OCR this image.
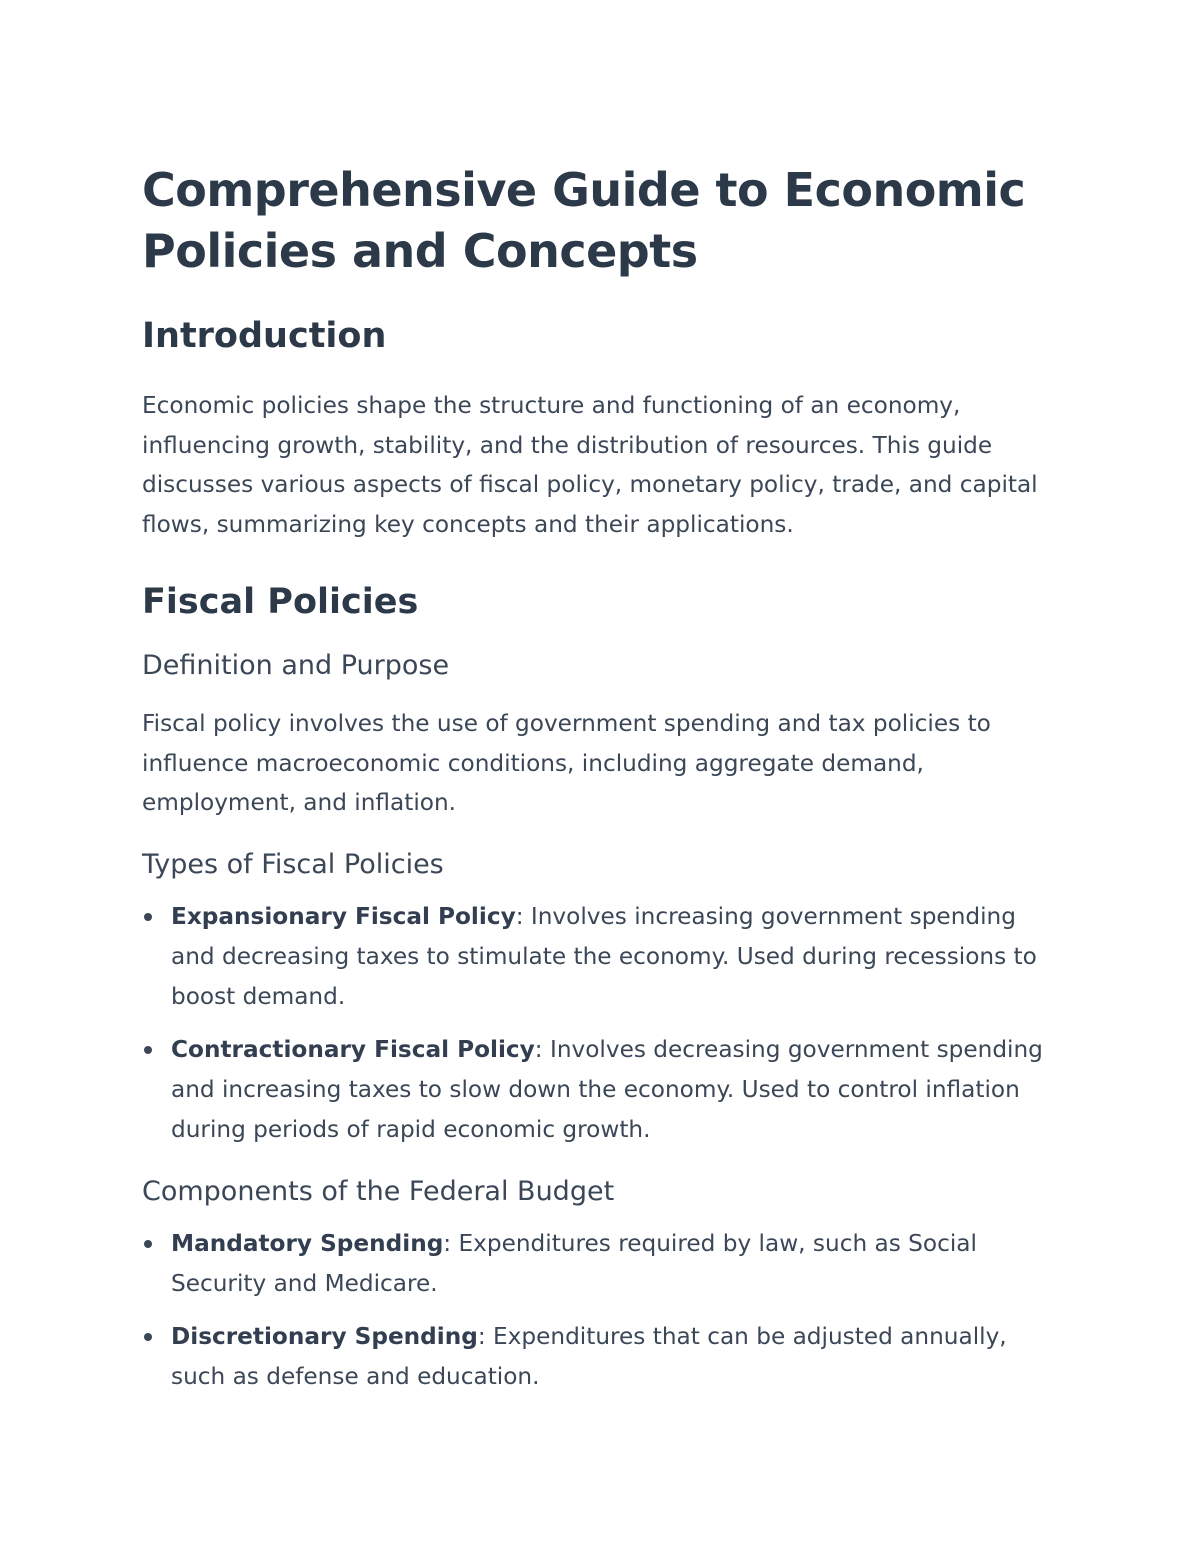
Comprehensive Guide to Economic Policies and Concepts
Introduction

Economic policies shape the structure and functioning of an economy, influencing growth, stability, and the distribution of resources. This guide discusses various aspects of fiscal policy, monetary policy, trade, and capital flows, summarizing key concepts and their applications.

Fiscal Policies
Definition and Purpose

Fiscal policy involves the use of government spending and tax policies to influence macroeconomic conditions, including aggregate demand, employment, and inflation.

Types of Fiscal Policies
Expansionary Fiscal Policy: Involves increasing government spending and decreasing taxes to stimulate the economy. Used during recessions to boost demand.
Contractionary Fiscal Policy: Involves decreasing government spending and increasing taxes to slow down the economy. Used to control inflation during periods of rapid economic growth.
Components of the Federal Budget
Mandatory Spending: Expenditures required by law, such as Social Security and Medicare.
Discretionary Spending: Expenditures that can be adjusted annually, such as defense and education.
